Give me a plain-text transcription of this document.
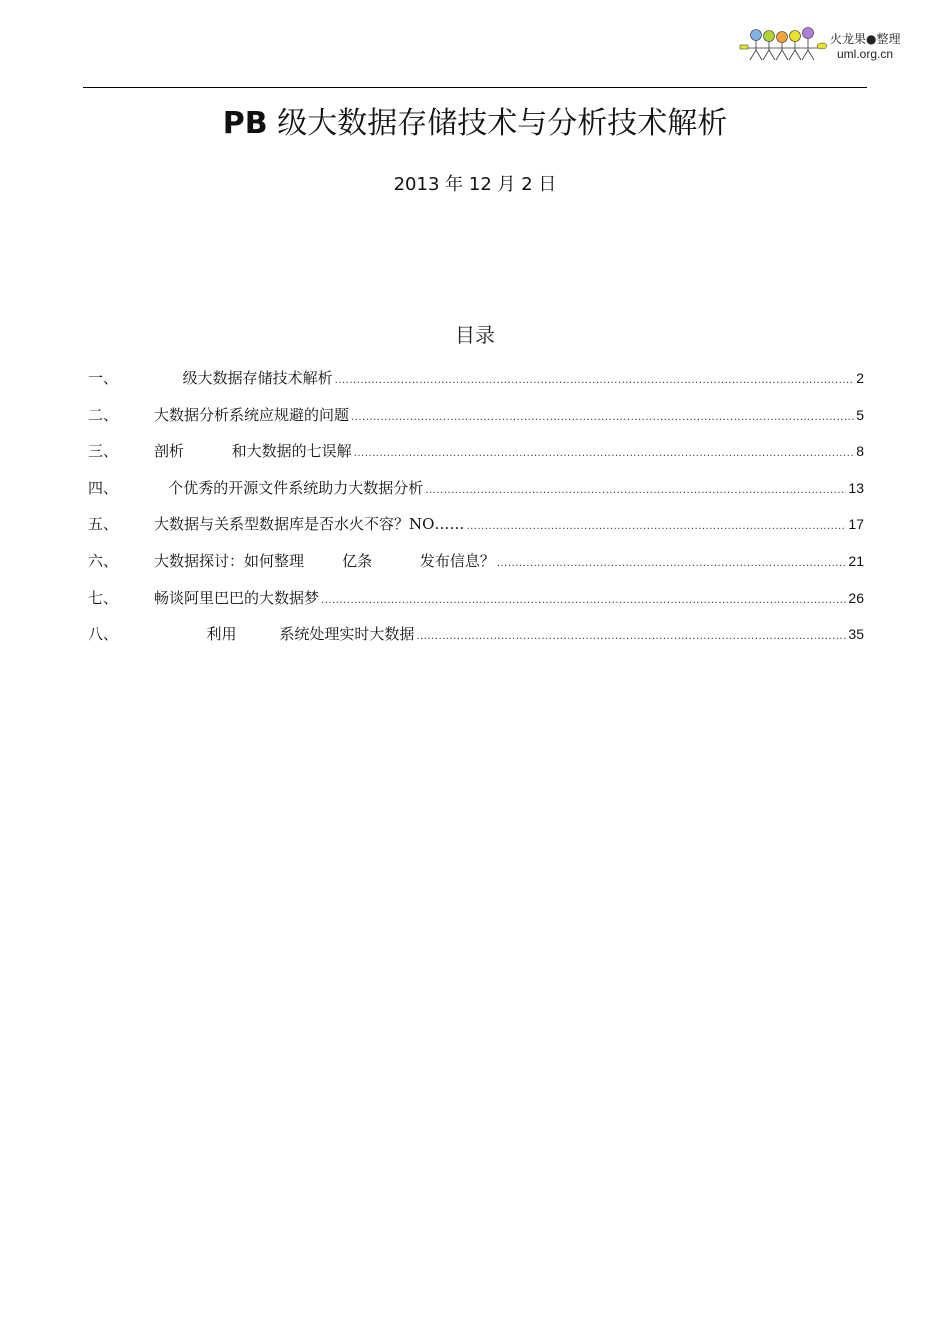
火龙果●整理
uml.org.cn
PB 级大数据存储技术与分析技术解析
2013 年 12 月 2 日
目录
一、	级大数据存储技术解析 .....	2
二、	大数据分析系统应规避的问题 .....	5
三、	剖析          和大数据的七误解 .....	8
四、	个优秀的开源文件系统助力大数据分析 .....	13
五、	大数据与关系型数据库是否水火不容？NO…… .....	17
六、	大数据探讨：如何整理        亿条          发布信息？ .....	21
七、	畅谈阿里巴巴的大数据梦 .....	26
八、	利用         系统处理实时大数据 .....	35
